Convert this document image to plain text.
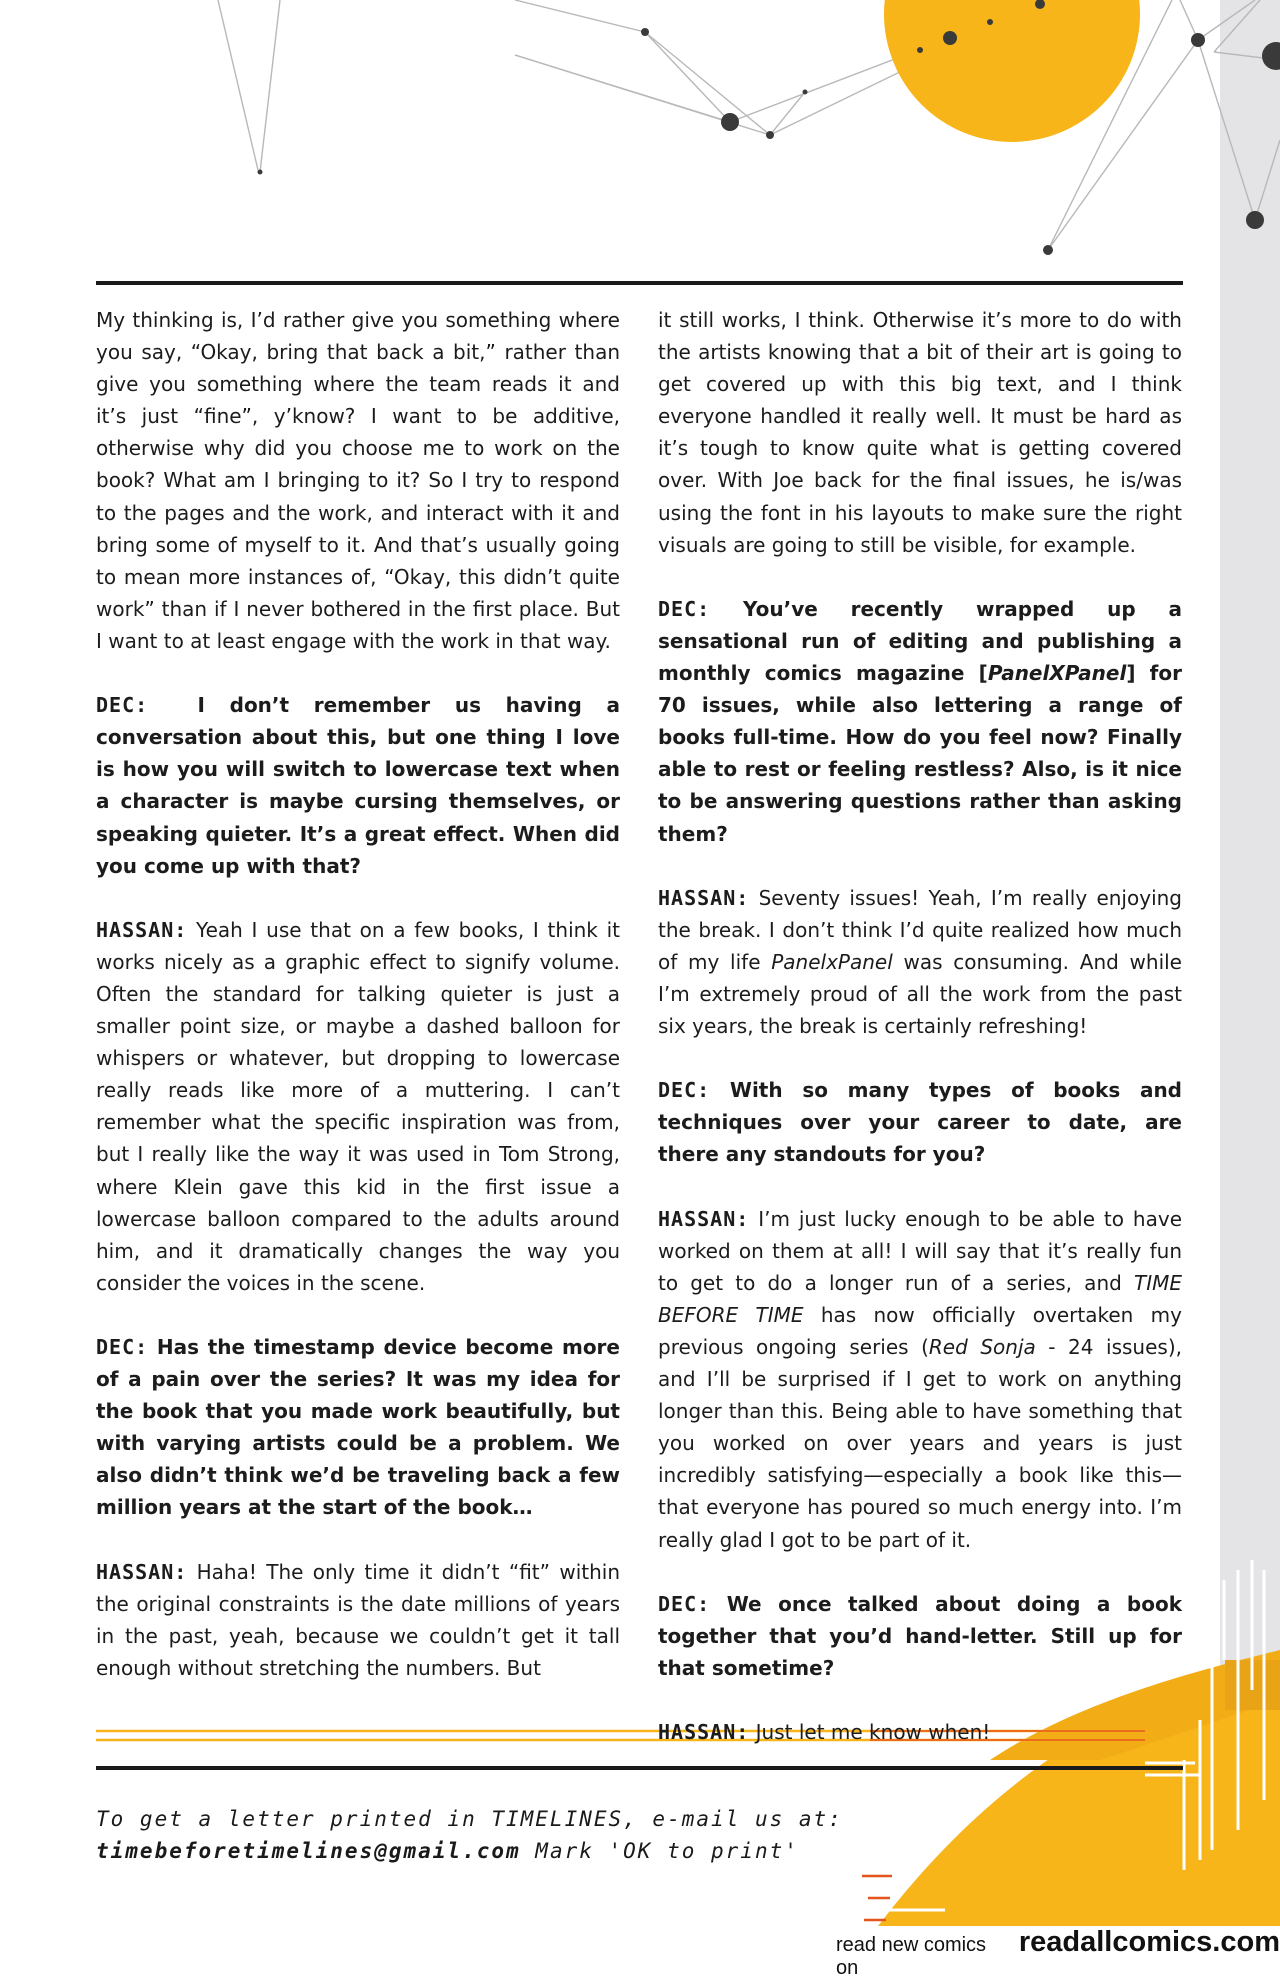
My thinking is, I’d rather give you something where you say, “Okay, bring that back a bit,” rather than give you something where the team reads it and it’s just “fine”, y’know? I want to be additive, otherwise why did you choose me to work on the book? What am I bringing to it? So I try to respond to the pages and the work, and interact with it and bring some of myself to it. And that’s usually going to mean more instances of, “Okay, this didn’t quite work” than if I never bothered in the first place. But I want to at least engage with the work in that way.

DEC: I don’t remember us having a conversation about this, but one thing I love is how you will switch to lowercase text when a character is maybe cursing themselves, or speaking quieter. It’s a great effect. When did you come up with that?

HASSAN: Yeah I use that on a few books, I think it works nicely as a graphic effect to signify volume. Often the standard for talking quieter is just a smaller point size, or maybe a dashed balloon for whispers or whatever, but dropping to lowercase really reads like more of a muttering. I can’t remember what the specific inspiration was from, but I really like the way it was used in Tom Strong, where Klein gave this kid in the first issue a lowercase balloon compared to the adults around him, and it dramatically changes the way you consider the voices in the scene.

DEC: Has the timestamp device become more of a pain over the series? It was my idea for the book that you made work beautifully, but with varying artists could be a problem. We also didn’t think we’d be traveling back a few million years at the start of the book…

HASSAN: Haha! The only time it didn’t “fit” within the original constraints is the date millions of years in the past, yeah, because we couldn’t get it tall enough without stretching the numbers. But

it still works, I think. Otherwise it’s more to do with the artists knowing that a bit of their art is going to get covered up with this big text, and I think everyone handled it really well. It must be hard as it’s tough to know quite what is getting covered over. With Joe back for the final issues, he is/was using the font in his layouts to make sure the right visuals are going to still be visible, for example.

DEC: You’ve recently wrapped up a sensational run of editing and publishing a monthly comics magazine [PanelXPanel] for 70 issues, while also lettering a range of books full-time. How do you feel now? Finally able to rest or feeling restless? Also, is it nice to be answering questions rather than asking them?

HASSAN: Seventy issues! Yeah, I’m really enjoying the break. I don’t think I’d quite realized how much of my life PanelxPanel was consuming. And while I’m extremely proud of all the work from the past six years, the break is certainly refreshing!

DEC: With so many types of books and techniques over your career to date, are there any standouts for you?

HASSAN: I’m just lucky enough to be able to have worked on them at all! I will say that it’s really fun to get to do a longer run of a series, and TIME BEFORE TIME has now officially overtaken my previous ongoing series (Red Sonja - 24 issues), and I’ll be surprised if I get to work on anything longer than this. Being able to have something that you worked on over years and years is just incredibly satisfying—especially a book like this—that everyone has poured so much energy into. I’m really glad I got to be part of it.

DEC: We once talked about doing a book together that you’d hand-letter. Still up for that sometime?

HASSAN: Just let me know when!

To get a letter printed in TIMELINES, e-mail us at:
timebeforetimelines@gmail.com Mark 'OK to print'
read new comics on
readallcomics.com
